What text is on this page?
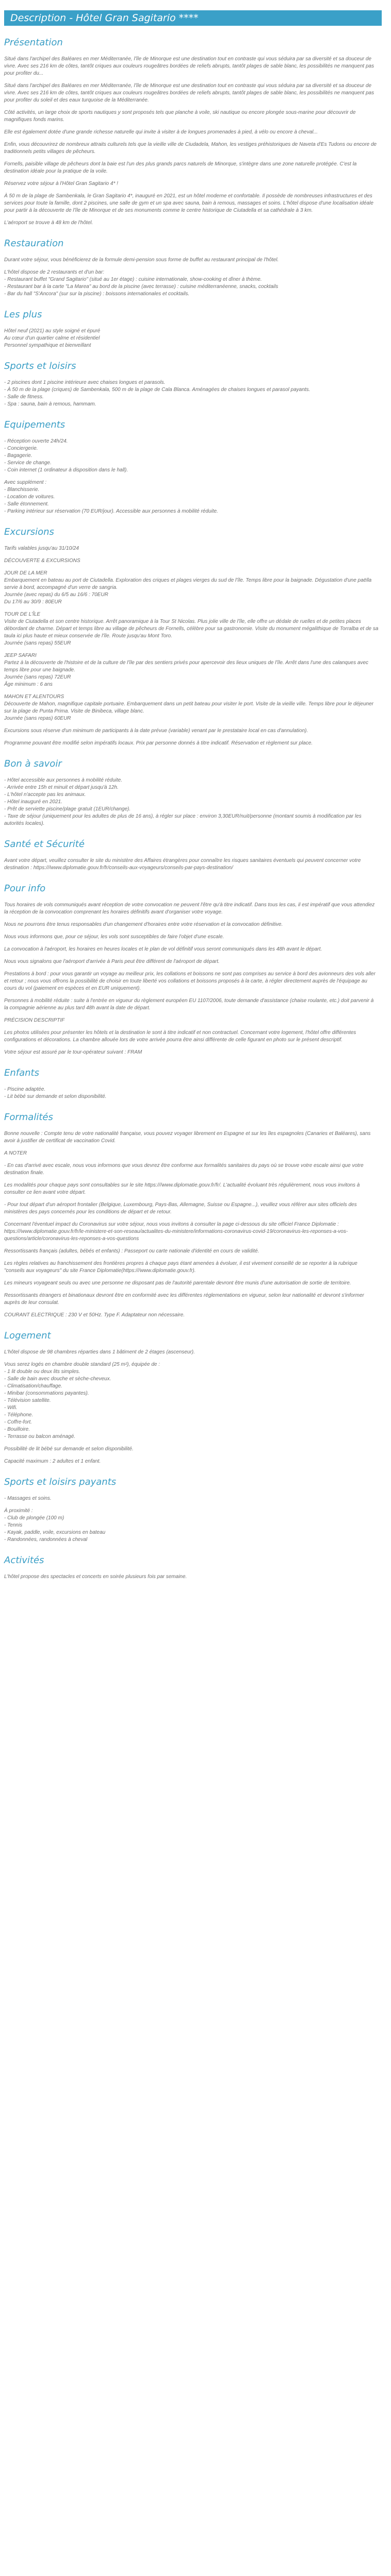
Description - Hôtel Gran Sagitario ****
Présentation

Situé dans l'archipel des Baléares en mer Méditerranée, l'île de Minorque est une destination tout en contraste qui vous séduira par sa diversité et sa douceur de vivre. Avec ses 216 km de côtes, tantôt criques aux couleurs rougeâtres bordées de reliefs abrupts, tantôt plages de sable blanc, les possibilités ne manquent pas pour profiter du...

Situé dans l'archipel des Baléares en mer Méditerranée, l'île de Minorque est une destination tout en contraste qui vous séduira par sa diversité et sa douceur de vivre. Avec ses 216 km de côtes, tantôt criques aux couleurs rougeâtres bordées de reliefs abrupts, tantôt plages de sable blanc, les possibilités ne manquent pas pour profiter du soleil et des eaux turquoise de la Méditerranée.

Côté activités, un large choix de sports nautiques y sont proposés tels que planche à voile, ski nautique ou encore plongée sous-marine pour découvrir de magnifiques fonds marins.

Elle est également dotée d'une grande richesse naturelle qui invite à visiter à de longues promenades à pied, à vélo ou encore à cheval...

Enfin, vous découvrirez de nombreux attraits culturels tels que la vieille ville de Ciudadela, Mahon, les vestiges préhistoriques de Naveta d'Es Tudons ou encore de traditionnels petits villages de pêcheurs.

Fornells, paisible village de pêcheurs dont la baie est l'un des plus grands parcs naturels de Minorque, s'intègre dans une zone naturelle protégée. C'est la destination idéale pour la pratique de la voile.

Réservez votre séjour à l'Hôtel Gran Sagitario 4* !

À 50 m de la plage de Sambenkala, le Gran Sagitario 4*, inauguré en 2021, est un hôtel moderne et confortable. Il possède de nombreuses infrastructures et des services pour toute la famille, dont 2 piscines, une salle de gym et un spa avec sauna, bain à remous, massages et soins. L'hôtel dispose d'une localisation idéale pour partir à la découverte de l'île de Minorque et de ses monuments comme le centre historique de Ciutadella et sa cathédrale à 3 km.

L'aéroport se trouve à 48 km de l'hôtel.

Restauration

Durant votre séjour, vous bénéficierez de la formule demi-pension sous forme de buffet au restaurant principal de l'hôtel.

L'hôtel dispose de 2 restaurants et d'un bar:
- Restaurant buffet "Grand Sagitario" (situé au 1er étage) : cuisine internationale, show-cooking et dîner à thème.
- Restaurant bar à la carte "La Marea" au bord de la piscine (avec terrasse) : cuisine méditerranéenne, snacks, cocktails
- Bar du hall "S'Ancora" (sur sur la piscine) : boissons internationales et cocktails.
Les plus
Hôtel neuf (2021) au style soigné et épuré
Au cœur d'un quartier calme et résidentiel
Personnel sympathique et bienveillant
Sports et loisirs
- 2 piscines dont 1 piscine intérieure avec chaises longues et parasols.
- À 50 m de la plage (criques) de Sambenkala, 500 m de la plage de Cala Blanca. Aménagées de chaises longues et parasol payants.
- Salle de fitness.
- Spa : sauna, bain à remous, hammam.
Equipements
- Réception ouverte 24h/24.
- Conciergerie.
- Bagagerie.
- Service de change.
- Coin internet (1 ordinateur à disposition dans le hall).
Avec supplément :
- Blanchisserie.
- Location de voitures.
- Salle étonnement.
- Parking intérieur sur réservation (70 EUR/jour). Accessible aux personnes à mobilité réduite.
Excursions

Tarifs valables jusqu'au 31/10/24

DÉCOUVERTE & EXCURSIONS

JOUR DE LA MER
Embarquement en bateau au port de Ciutadella. Exploration des criques et plages vierges du sud de l'île. Temps libre pour la baignade. Dégustation d'une paëlla servie à bord, accompagné d'un verre de sangria.
Journée (avec repas) du 6/5 au 16/6 : 70EUR
Du 17/6 au 30/9 : 80EUR
TOUR DE L'ÎLE
Visite de Ciutadella et son centre historique. Arrêt panoramique à la Tour St Nicolas. Plus jolie ville de l'île, elle offre un dédale de ruelles et de petites places débordant de charme. Départ et temps libre au village de pêcheurs de Fornells, célèbre pour sa gastronomie. Visite du monument mégalithique de Torralba et de sa taula ici plus haute et mieux conservée de l'île. Route jusqu'au Mont Toro.
Journée (sans repas) 55EUR
JEEP SAFARI
Partez à la découverte de l'histoire et de la culture de l'île par des sentiers privés pour apercevoir des lieux uniques de l'île. Arrêt dans l'une des calanques avec temps libre pour une baignade.
Journée (sans repas) 72EUR
Âge minimum : 6 ans
MAHON ET ALENTOURS
Découverte de Mahon, magnifique capitale portuaire. Embarquement dans un petit bateau pour visiter le port. Visite de la vieille ville. Temps libre pour le déjeuner sur la plage de Punta Prima. Visite de Binibeca, village blanc.
Journée (sans repas) 60EUR

Excursions sous réserve d'un minimum de participants à la date prévue (variable) venant par le prestataire local en cas d'annulation).

Programme pouvant être modifié selon impératifs locaux. Prix par personne donnés à titre indicatif. Réservation et règlement sur place.

Bon à savoir
- Hôtel accessible aux personnes à mobilité réduite.
- Arrivée entre 15h et minuit et départ jusqu'à 12h.
- L'hôtel n'accepte pas les animaux.
- Hôtel inauguré en 2021.
- Prêt de serviette piscine/plage gratuit (1EUR/change).
- Taxe de séjour (uniquement pour les adultes de plus de 16 ans), à régler sur place : environ 3,30EUR/nuit/personne (montant soumis à modification par les autorités locales).
Santé et Sécurité

Avant votre départ, veuillez consulter le site du ministère des Affaires étrangères pour connaître les risques sanitaires éventuels qui peuvent concerner votre destination : https:///www.diplomatie.gouv.fr/fr/conseils-aux-voyageurs/conseils-par-pays-destination/

Pour info

Tous horaires de vols communiqués avant réception de votre convocation ne peuvent l'être qu'à titre indicatif. Dans tous les cas, il est impératif que vous attendiez la réception de la convocation comprenant les horaires définitifs avant d'organiser votre voyage.

Nous ne pourrons être tenus responsables d'un changement d'horaires entre votre réservation et la convocation définitive.

Nous vous informons que, pour ce séjour, les vols sont susceptibles de faire l'objet d'une escale.

La convocation à l'aéroport, les horaires en heures locales et le plan de vol définitif vous seront communiqués dans les 48h avant le départ.

Nous vous signalons que l'aéroport d'arrivée à Paris peut être différent de l'aéroport de départ.

Prestations à bord : pour vous garantir un voyage au meilleur prix, les collations et boissons ne sont pas comprises au service à bord des avionneurs des vols aller et retour ; nous vous offrons la possibilité de choisir en toute liberté vos collations et boissons proposés à la carte, à régler directement auprès de l'équipage au cours du vol (paiement en espèces et en EUR uniquement).

Personnes à mobilité réduite : suite à l'entrée en vigueur du règlement européen EU 1107/2006, toute demande d'assistance (chaise roulante, etc.) doit parvenir à la compagnie aérienne au plus tard 48h avant la date de départ.

PRÉCISION DESCRIPTIF

Les photos utilisées pour présenter les hôtels et la destination le sont à titre indicatif et non contractuel. Concernant votre logement, l'hôtel offre différentes configurations et décorations. La chambre allouée lors de votre arrivée pourra être ainsi différente de celle figurant en photo sur le présent descriptif.

Votre séjour est assuré par le tour-opérateur suivant : FRAM

Enfants
- Piscine adaptée.
- Lit bébé sur demande et selon disponibilité.
Formalités

Bonne nouvelle : Compte tenu de votre nationalité française, vous pouvez voyager librement en Espagne et sur les îles espagnoles (Canaries et Baléares), sans avoir à justifier de certificat de vaccination Covid.

A NOTER

- En cas d'arrivé avec escale, nous vous informons que vous devrez être conforme aux formalités sanitaires du pays où se trouve votre escale ainsi que votre destination finale.

Les modalités pour chaque pays sont consultables sur le site https:///www.diplomatie.gouv.fr/fr/. L'actualité évoluant très régulièrement, nous vous invitons à consulter ce lien avant votre départ.

- Pour tout départ d'un aéroport frontalier (Belgique, Luxembourg, Pays-Bas, Allemagne, Suisse ou Espagne...), veuillez vous référer aux sites officiels des ministères des pays concernés pour les conditions de départ et de retour.

Concernant l'éventuel impact du Coronavirus sur votre séjour, nous vous invitons à consulter la page ci-dessous du site officiel France Diplomatie : https:///www.diplomatie.gouv.fr/fr/le-ministere-et-son-reseau/actualites-du-ministere/informations-coronavirus-covid-19/coronavirus-les-reponses-a-vos-questions/article/coronavirus-les-reponses-a-vos-questions

Ressortissants français (adultes, bébés et enfants) : Passeport ou carte nationale d'identité en cours de validité.

Les règles relatives au franchissement des frontières propres à chaque pays étant amenées à évoluer, il est vivement conseillé de se reporter à la rubrique "conseils aux voyageurs" du site France Diplomatie(https:///www.diplomatie.gouv.fr).

Les mineurs voyageant seuls ou avec une personne ne disposant pas de l'autorité parentale devront être munis d'une autorisation de sortie de territoire.

Ressortissants étrangers et binationaux devront être en conformité avec les différentes réglementations en vigueur, selon leur nationalité et devront s'informer auprès de leur consulat.

COURANT ELECTRIQUE : 230 V et 50Hz. Type F. Adaptateur non nécessaire.

Logement

L'hôtel dispose de 98 chambres réparties dans 1 bâtiment de 2 étages (ascenseur).

Vous serez logés en chambre double standard (25 m²), équipée de :
- 1 lit double ou deux lits simples.
- Salle de bain avec douche et sèche-cheveux.
- Climatisation/chauffage.
- Minibar (consommations payantes).
- Télévision satellite.
- Wifi.
- Téléphone.
- Coffre-fort.
- Bouilloire.
- Terrasse ou balcon aménagé.

Possibilité de lit bébé sur demande et selon disponibilité.

Capacité maximum : 2 adultes et 1 enfant.

Sports et loisirs payants
- Massages et soins.
À proximité :
- Club de plongée (100 m)
- Tennis
- Kayak, paddle, voile, excursions en bateau
- Randonnées, randonnées à cheval
Activités

L'hôtel propose des spectacles et concerts en soirée plusieurs fois par semaine.
